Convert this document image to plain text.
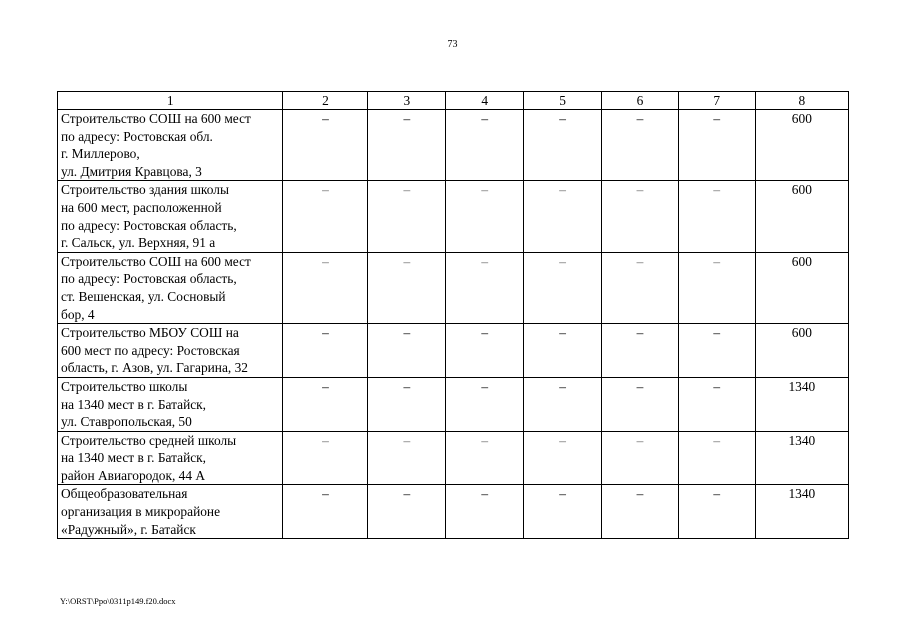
73
1	2	3	4	5	6	7	8
Строительство СОШ на 600 мест
по адресу: Ростовская обл.
г. Миллерово,
ул. Дмитрия Кравцова, 3	–	–	–	–	–	–	600
Строительство здания школы
на 600 мест, расположенной
по адресу: Ростовская область,
г. Сальск, ул. Верхняя, 91 а	–	–	–	–	–	–	600
Строительство СОШ на 600 мест
по адресу: Ростовская область,
ст. Вешенская, ул. Сосновый
бор, 4	–	–	–	–	–	–	600
Строительство МБОУ СОШ на
600 мест по адресу: Ростовская
область, г. Азов, ул. Гагарина, 32	–	–	–	–	–	–	600
Строительство школы
на 1340 мест в г. Батайск,
ул. Ставропольская, 50	–	–	–	–	–	–	1340
Строительство средней школы
на 1340 мест в г. Батайск,
район Авиагородок, 44 А	–	–	–	–	–	–	1340
Общеобразовательная
организация в микрорайоне
«Радужный», г. Батайск	–	–	–	–	–	–	1340
Y:\ORST\Ppo\0311p149.f20.docx
